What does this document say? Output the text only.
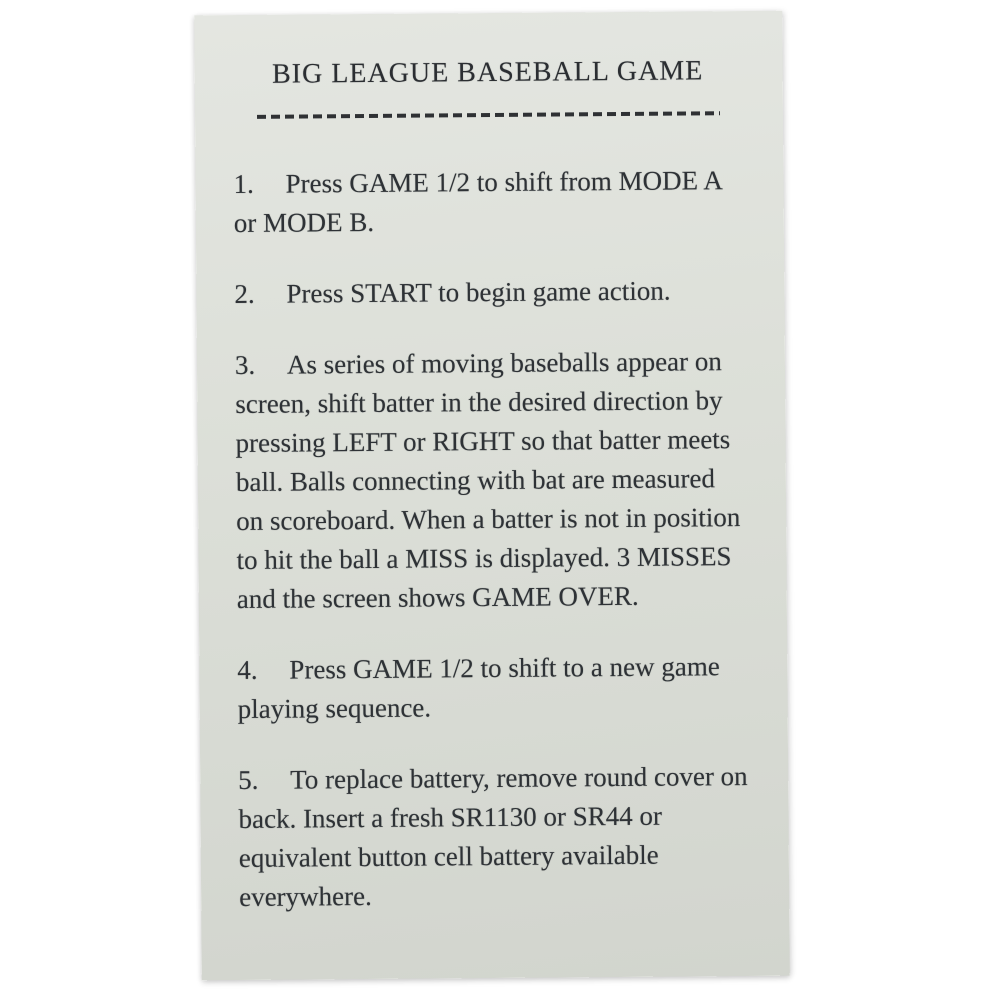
BIG LEAGUE BASEBALL GAME

1. Press GAME 1/2 to shift from MODE A or MODE B.

2. Press START to begin game action.

3. As series of moving baseballs appear on screen, shift batter in the desired direction by pressing LEFT or RIGHT so that batter meets ball. Balls connecting with bat are measured on scoreboard. When a batter is not in position to hit the ball a MISS is displayed. 3 MISSES and the screen shows GAME OVER.

4. Press GAME 1/2 to shift to a new game playing sequence.

5. To replace battery, remove round cover on back. Insert a fresh SR1130 or SR44 or equivalent button cell battery available everywhere.
